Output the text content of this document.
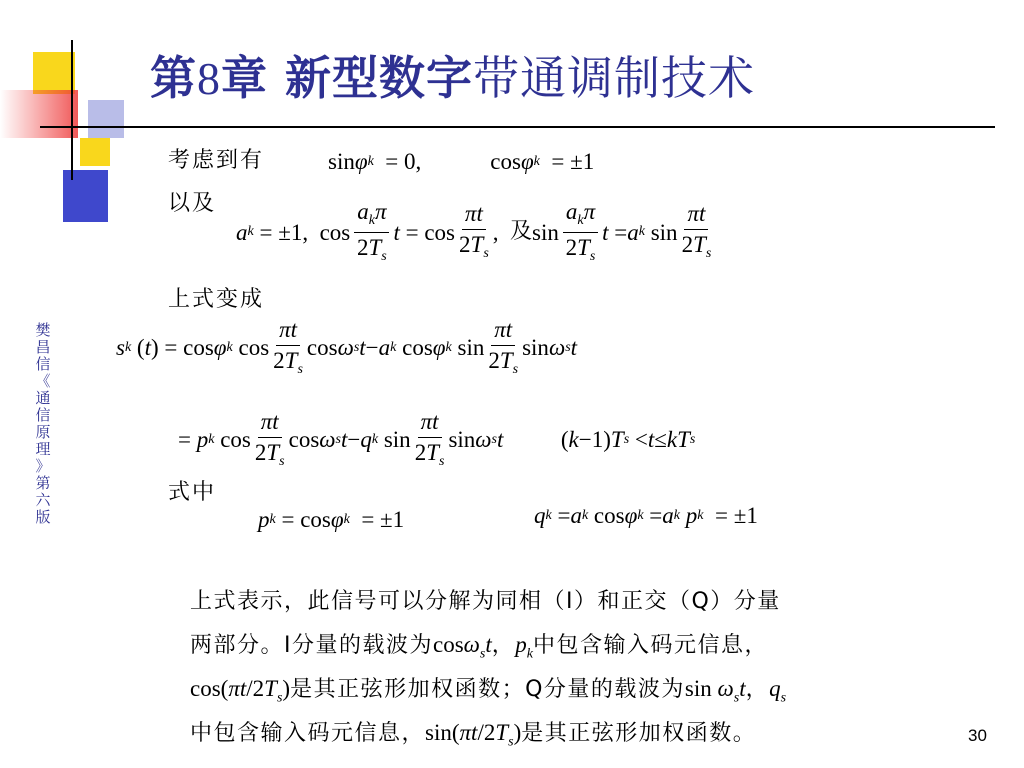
第8章 新型数字带通调制技术
樊昌信《通信原理》第六版
考虑到有
以及
上式变成
式中
sin φ k = 0,            cos φ k = ±1
a k = ±1,  $\cos \frac{a_k\pi}{2T_s}$ $t = \cos \frac{\pi t}{2T_s}$ , 及 $\sin \frac{a_k\pi}{2T_s}$ t = a k $\sin \frac{\pi t}{2T_s}$
s k ( t ) = cos φ k $\cos \frac{\pi t}{2T_s}$ cos ω s t − a k cos φ k $\sin \frac{\pi t}{2T_s}$ sin ω s t
= p k $\cos \frac{\pi t}{2T_s}$ cos ω s t − q k $\sin \frac{\pi t}{2T_s}$ sin ω s t ( k −1) T s < t ≤ kT s
p k = cos φ k = ±1	q k = a k cos φ k = a k
p k = ±1
上式表示，此信号可以分解为同相（I）和正交（Q）分量
两部分。I分量的载波为cosω$_s$t，$p_k$中包含输入码元信息，
$\cos(\pi t/2T_s)$是其正弦形加权函数；Q分量的载波为$\sin \omega_st$，$q_s$
中包含输入码元信息，$\sin(\pi t/2T_s)$是其正弦形加权函数。	30
